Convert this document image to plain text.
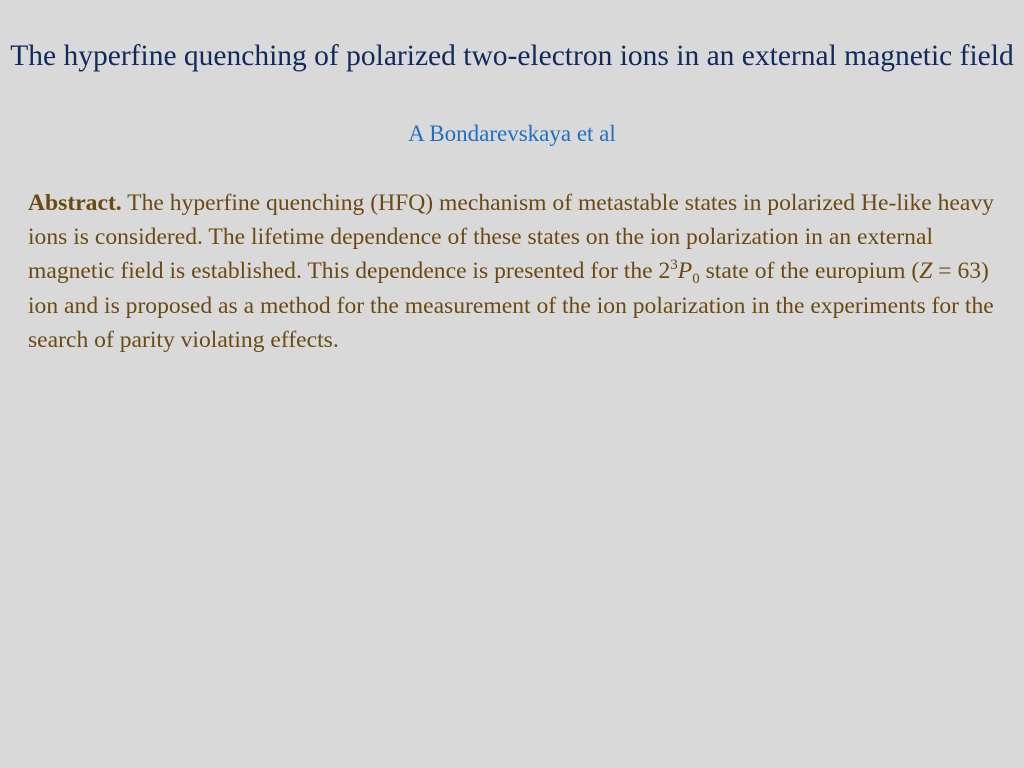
The hyperfine quenching of polarized two-electron ions in an external magnetic field
A Bondarevskaya et al

Abstract. The hyperfine quenching (HFQ) mechanism of metastable states in polarized He-like heavy ions is considered. The lifetime dependence of these states on the ion polarization in an external magnetic field is established. This dependence is presented for the $2^3P_0$ state of the europium (Z = 63) ion and is proposed as a method for the measurement of the ion polarization in the experiments for the search of parity violating effects.
